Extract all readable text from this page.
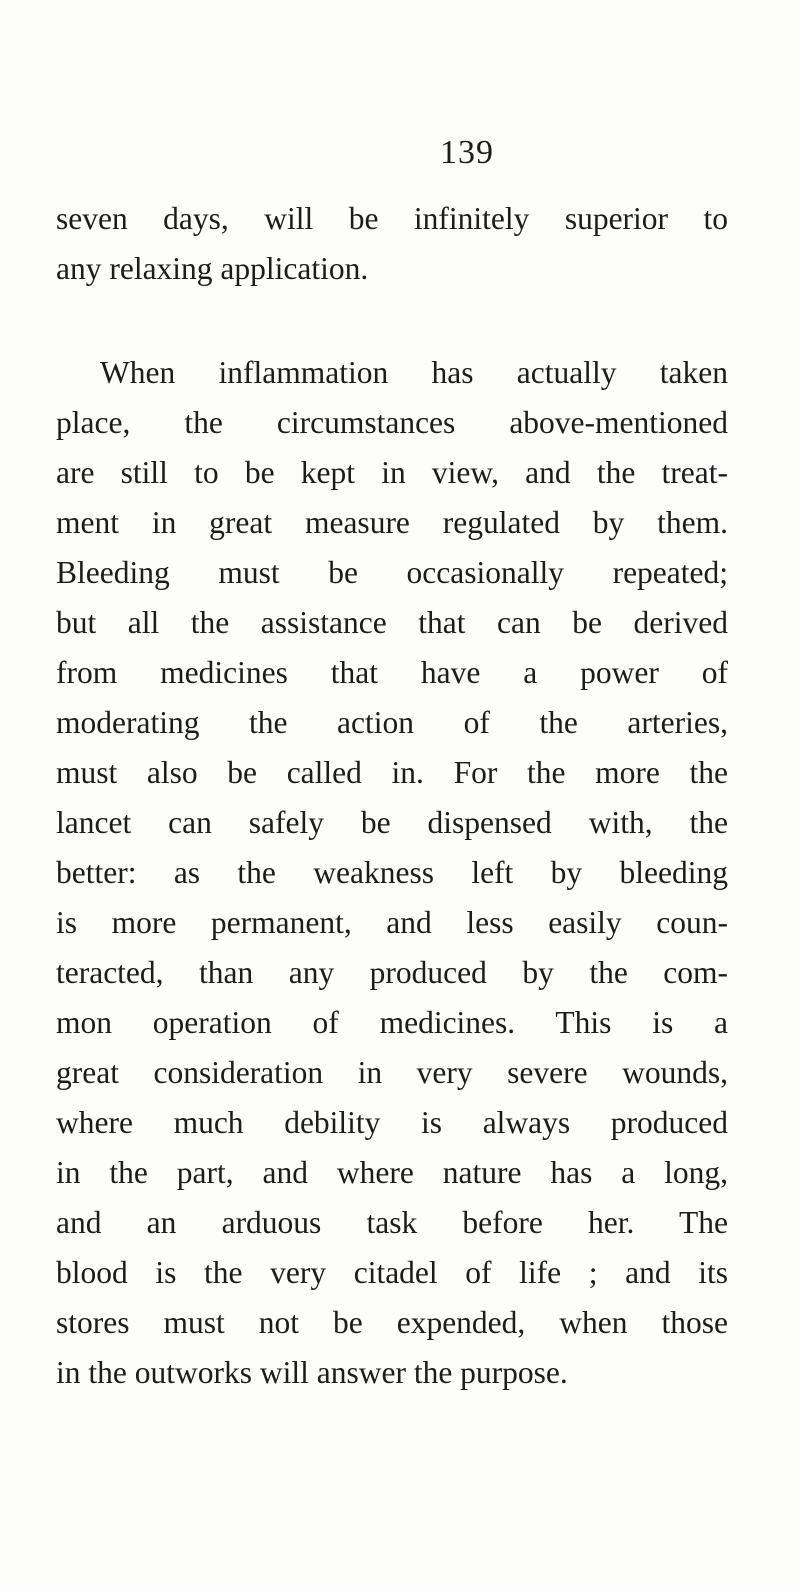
139
seven days, will be infinitely superior to
any relaxing application.
When inflammation has actually taken
place, the circumstances above-mentioned
are still to be kept in view, and the treat-
ment in great measure regulated by them.
Bleeding must be occasionally repeated;
but all the assistance that can be derived
from medicines that have a power of
moderating the action of the arteries,
must also be called in. For the more the
lancet can safely be dispensed with, the
better: as the weakness left by bleeding
is more permanent, and less easily coun-
teracted, than any produced by the com-
mon operation of medicines. This is a
great consideration in very severe wounds,
where much debility is always produced
in the part, and where nature has a long,
and an arduous task before her. The
blood is the very citadel of life ; and its
stores must not be expended, when those
in the outworks will answer the purpose.
